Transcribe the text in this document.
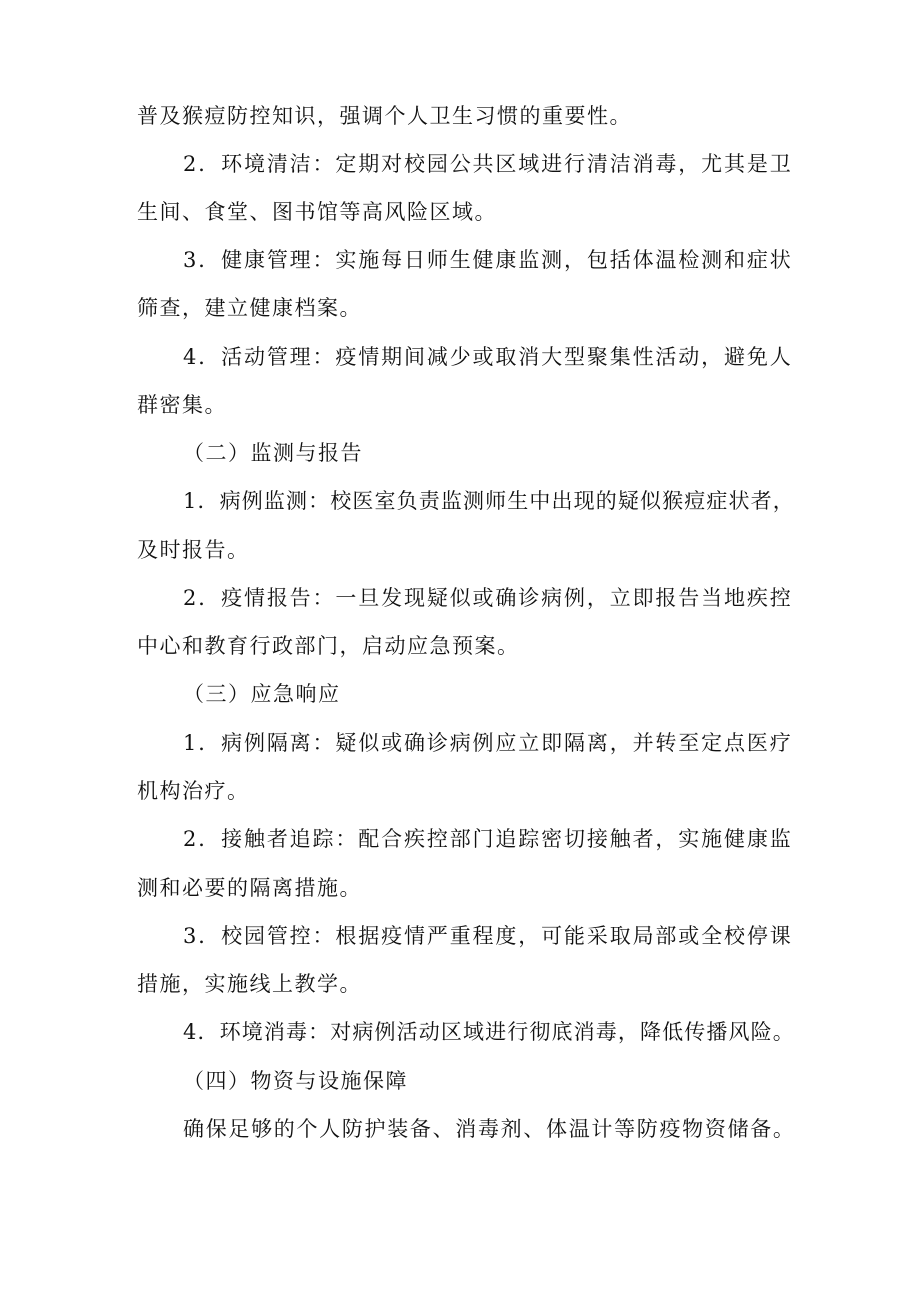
普及猴痘防控知识，强调个人卫生习惯的重要性。
2 ． 环 境 清 洁 ： 定 期 对 校 园 公 共 区 域 进 行 清 洁 消 毒 ， 尤 其 是 卫
生间、食堂、图书馆等高风险区域。
3 ． 健 康 管 理 ： 实 施 每 日 师 生 健 康 监 测 ， 包 括 体 温 检 测 和 症 状
筛查，建立健康档案。
4 ． 活 动 管 理 ： 疫 情 期 间 减 少 或 取 消 大 型 聚 集 性 活 动 ， 避 免 人
群密集。
（二）监测与报告
1 ． 病 例 监 测 ： 校 医 室 负 责 监 测 师 生 中 出 现 的 疑 似 猴 痘 症 状 者 ，
及时报告。
2 ． 疫 情 报 告 ： 一 旦 发 现 疑 似 或 确 诊 病 例 ， 立 即 报 告 当 地 疾 控
中心和教育行政部门，启动应急预案。
（三）应急响应
1 ． 病 例 隔 离 ： 疑 似 或 确 诊 病 例 应 立 即 隔 离 ， 并 转 至 定 点 医 疗
机构治疗。
2 ． 接 触 者 追 踪 ： 配 合 疾 控 部 门 追 踪 密 切 接 触 者 ， 实 施 健 康 监
测和必要的隔离措施。
3 ． 校 园 管 控 ： 根 据 疫 情 严 重 程 度 ， 可 能 采 取 局 部 或 全 校 停 课
措施，实施线上教学。
4 ． 环 境 消 毒 ： 对 病 例 活 动 区 域 进 行 彻 底 消 毒 ， 降 低 传 播 风 险 。
（四）物资与设施保障
确 保 足 够 的 个 人 防 护 装 备 、 消 毒 剂 、 体 温 计 等 防 疫 物 资 储 备 。
